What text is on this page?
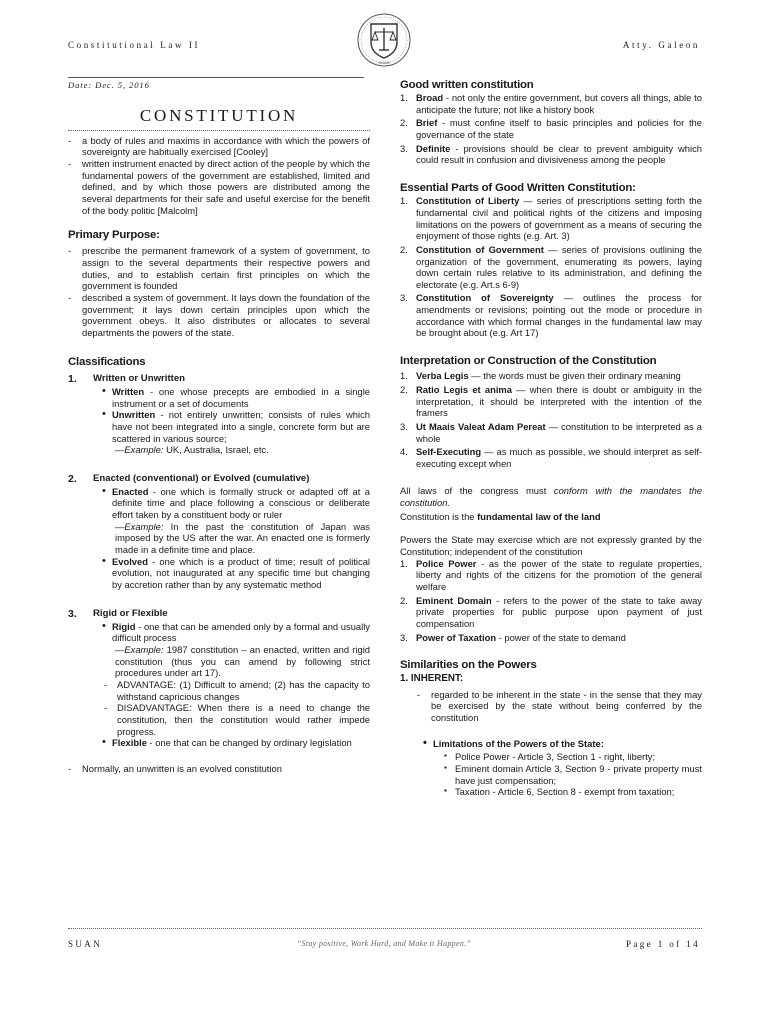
Constitutional Law II	Atty. Galeon
SUAN
Date: Dec. 5, 2016
CONSTITUTION
- a body of rules and maxims in accordance with which the powers of sovereignty are habitually exercised [Cooley]
- written instrument enacted by direct action of the people by which the fundamental powers of the government are established, limited and defined, and by which those powers are distributed among the several departments for their safe and useful exercise for the benefit of the body politic [Malcolm]
Primary Purpose:
- prescribe the permanent framework of a system of government, to assign to the several departments their respective powers and duties, and to establish certain first principles on which the government is founded
- described a system of government. It lays down the foundation of the government; it lays down certain principles upon which the government obeys. It also distributes or allocates to several departments the powers of the state.
Classifications
1.	Written or Unwritten
• Written - one whose precepts are embodied in a single instrument or a set of documents
• Unwritten - not entirely unwritten; consists of rules which have not been integrated into a single, concrete form but are scattered in various source;
—Example: UK, Australia, Israel, etc.
2.	Enacted (conventional) or Evolved (cumulative)
• Enacted - one which is formally struck or adapted off at a definite time and place following a conscious or deliberate effort taken by a constituent body or ruler
—Example: In the past the constitution of Japan was imposed by the US after the war. An enacted one is formerly made in a definite time and place.
• Evolved - one which is a product of time; result of political evolution, not inaugurated at any specific time but changing by accretion rather than by any systematic method
3.	Rigid or Flexible
• Rigid - one that can be amended only by a formal and usually difficult process
—Example: 1987 constitution – an enacted, written and rigid constitution (thus you can amend by following strict procedures under art 17).
- ADVANTAGE: (1) Difficult to amend; (2) has the capacity to withstand capricious changes
- DISADVANTAGE: When there is a need to change the constitution, then the constitution would rather impede progress.
• Flexible - one that can be changed by ordinary legislation
- Normally, an unwritten is an evolved constitution
Good written constitution
1. Broad - not only the entire government, but covers all things, able to anticipate the future; not like a history book
2. Brief - must confine itself to basic principles and policies for the governance of the state
3. Definite - provisions should be clear to prevent ambiguity which could result in confusion and divisiveness among the people
Essential Parts of Good Written Constitution:
1. Constitution of Liberty — series of prescriptions setting forth the fundamental civil and political rights of the citizens and imposing limitations on the powers of government as a means of securing the enjoyment of those rights (e.g. Art. 3)
2. Constitution of Government — series of provisions outlining the organization of the government, enumerating its powers, laying down certain rules relative to its administration, and defining the electorate (e.g. Art.s 6-9)
3. Constitution of Sovereignty — outlines the process for amendments or revisions; pointing out the mode or procedure in accordance with which formal changes in the fundamental law may be brought about (e.g. Art 17)
Interpretation or Construction of the Constitution
1. Verba Legis — the words must be given their ordinary meaning
2. Ratio Legis et anima — when there is doubt or ambiguity in the interpretation, it should be interpreted with the intention of the framers
3. Ut Maais Valeat Adam Pereat — constitution to be interpreted as a whole
4. Self-Executing — as much as possible, we should interpret as self-executing except when
All laws of the congress must conform with the mandates the constitution.
Constitution is the fundamental law of the land
Powers the State may exercise which are not expressly granted by the Constitution; independent of the constitution
1. Police Power - as the power of the state to regulate properties, liberty and rights of the citizens for the promotion of the general welfare
2. Eminent Domain - refers to the power of the state to take away private properties for public purpose upon payment of just compensation
3. Power of Taxation - power of the state to demand
Similarities on the Powers
1. INHERENT:
- regarded to be inherent in the state - in the sense that they may be exercised by the state without being conferred by the constitution
• Limitations of the Powers of the State:
▪ Police Power - Article 3, Section 1 - right, liberty;
▪ Eminent domain Article 3, Section 9 - private property must have just compensation;
▪ Taxation - Article 6, Section 8 - exempt from taxation;
SUAN	“Stay positive, Work Hard, and Make it Happen.”	Page 1 of 14
